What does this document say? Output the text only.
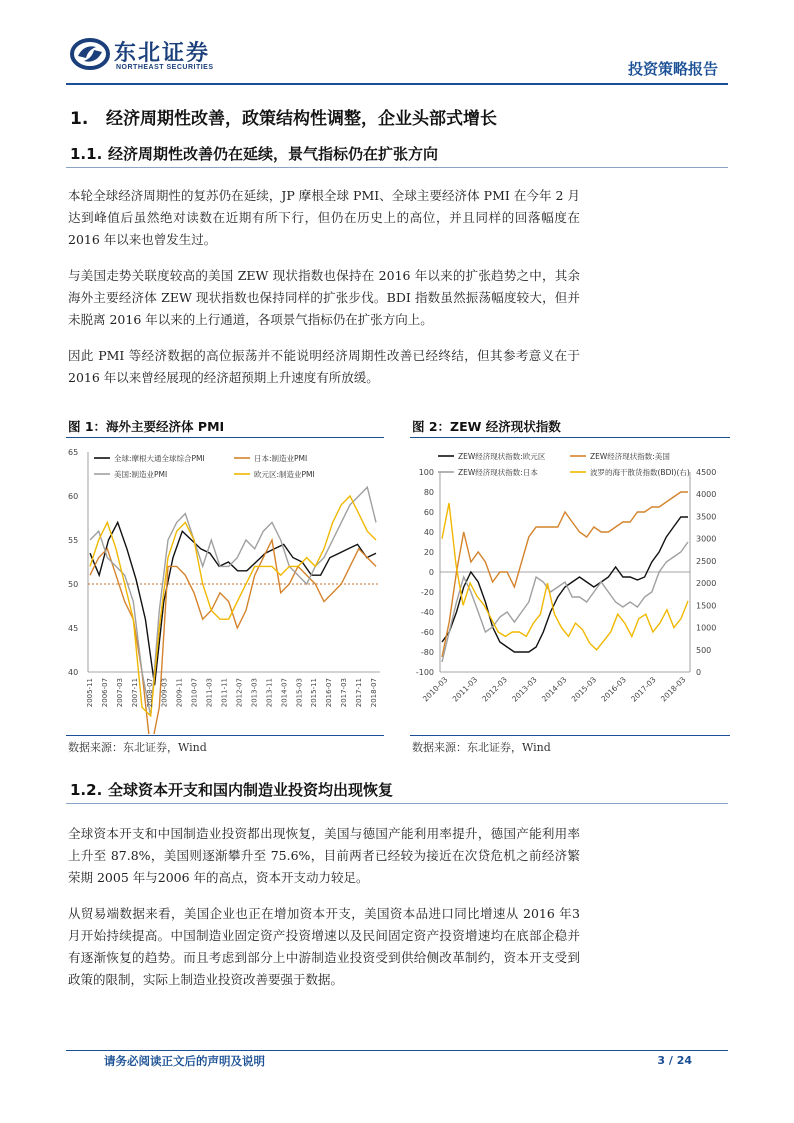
东北证券
NORTHEAST SECURITIES	投资策略报告
1. 经济周期性改善，政策结构性调整，企业头部式增长
1.1. 经济周期性改善仍在延续，景气指标仍在扩张方向
本轮全球经济周期性的复苏仍在延续，JP 摩根全球 PMI、全球主要经济体 PMI 在今年 2 月达到峰值后虽然绝对读数在近期有所下行，但仍在历史上的高位，并且同样的回落幅度在 2016 年以来也曾发生过。
与美国走势关联度较高的美国 ZEW 现状指数也保持在 2016 年以来的扩张趋势之中，其余海外主要经济体 ZEW 现状指数也保持同样的扩张步伐。BDI 指数虽然振荡幅度较大，但并未脱离 2016 年以来的上行通道，各项景气指标仍在扩张方向上。
因此 PMI 等经济数据的高位振荡并不能说明经济周期性改善已经终结，但其参考意义在于 2016 年以来曾经展现的经济超预期上升速度有所放缓。
图 1：海外主要经济体 PMI
40
45
50
55
60
65
2005-11 2006-07 2007-03 2007-11 2008-07 2009-03 2009-11 2010-07 2011-03 2011-11 2012-07 2013-03 2013-11 2014-07 2015-03 2015-11 2016-07 2017-03 2017-11 2018-07
全球:摩根大通全球综合PMI	日本:制造业PMI
美国:制造业PMI	欧元区:制造业PMI
数据来源：东北证券，Wind
图 2：ZEW 经济现状指数
-100
-80
-60
-40
-20
0
20
40
60
80
100
0
500
1000
1500
2000
2500
3000
3500
4000
4500
2010-03 2011-03 2012-03 2013-03 2014-03 2015-03 2016-03 2017-03 2018-03
ZEW经济现状指数:欧元区	ZEW经济现状指数:美国
ZEW经济现状指数:日本	波罗的海干散货指数(BDI)(右)
数据来源：东北证券，Wind
1.2. 全球资本开支和国内制造业投资均出现恢复
全球资本开支和中国制造业投资都出现恢复，美国与德国产能利用率提升，德国产能利用率上升至 87.8%，美国则逐渐攀升至 75.6%，目前两者已经较为接近在次贷危机之前经济繁荣期 2005 年与2006 年的高点，资本开支动力较足。
从贸易端数据来看，美国企业也正在增加资本开支，美国资本品进口同比增速从 2016 年3 月开始持续提高。中国制造业固定资产投资增速以及民间固定资产投资增速均在底部企稳并有逐渐恢复的趋势。而且考虑到部分上中游制造业投资受到供给侧改革制约，资本开支受到政策的限制，实际上制造业投资改善要强于数据。
请务必阅读正文后的声明及说明	3 / 24
